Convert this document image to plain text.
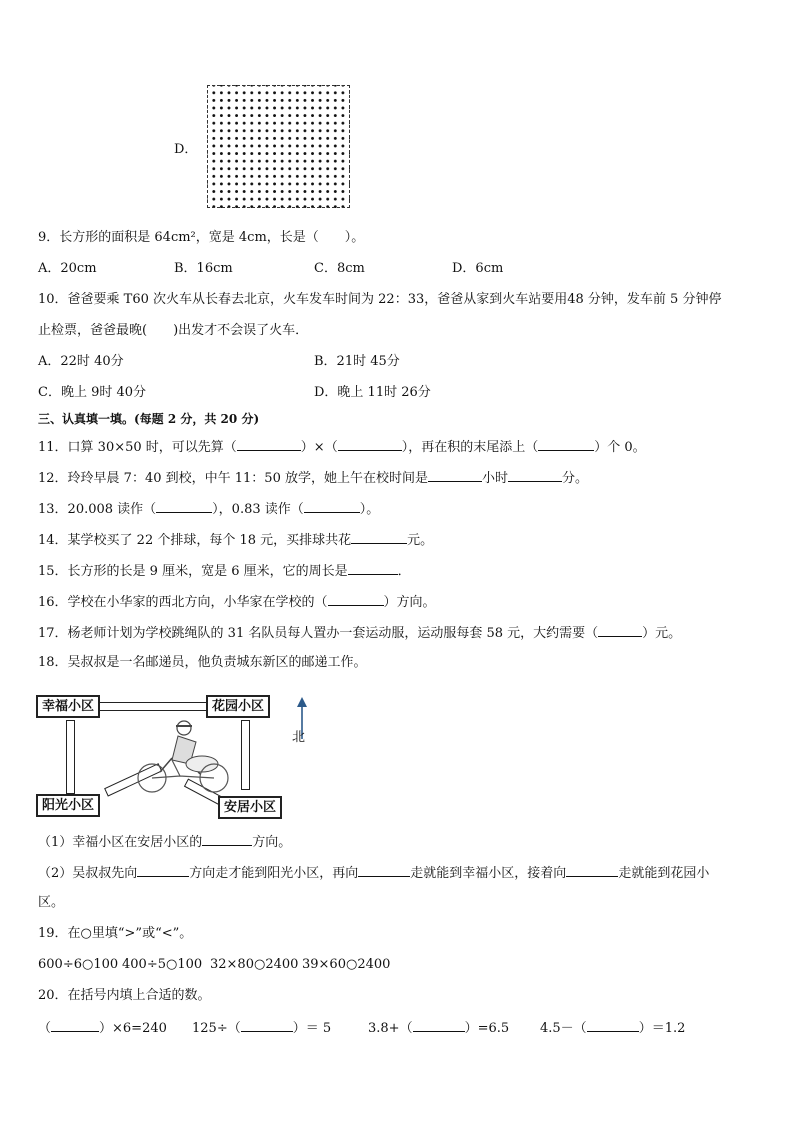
D．
9．长方形的面积是 64cm²，宽是 4cm，长是（　　）。
A．20cm	B．16cm	C．8cm	D．6cm
10．爸爸要乘 T60 次火车从长春去北京，火车发车时间为 22：33，爸爸从家到火车站要用48 分钟，发车前 5 分钟停
止检票，爸爸最晚(　　)出发才不会误了火车．
A．22时 40分	B．21时 45分
C．晚上 9时 40分	D．晚上 11时 26分
三、认真填一填。(每题 2 分，共 20 分)
11．口算 30×50 时，可以先算（	）×（	），再在积的末尾添上（	）个 0。
12．玲玲早晨 7：40 到校，中午 11：50 放学，她上午在校时间是	小时	分。
13．20.008 读作（	），0.83 读作（	）。
14．某学校买了 22 个排球，每个 18 元，买排球共花	元。
15．长方形的长是 9 厘米，宽是 6 厘米，它的周长是	．
16．学校在小华家的西北方向，小华家在学校的（	）方向。
17．杨老师计划为学校跳绳队的 31 名队员每人置办一套运动服，运动服每套 58 元，大约需要（	）元。
18．吴叔叔是一名邮递员，他负责城东新区的邮递工作。
幸福小区	花园小区
阳光小区	安居小区
北
（1）幸福小区在安居小区的	方向。
（2）吴叔叔先向	方向走才能到阳光小区，再向	走就能到幸福小区，接着向	走就能到花园小
区。
19．在○里填“>”或“<”。
600÷6○100 400÷5○100 32×80○2400 39×60○2400
20．在括号内填上合适的数。
（	）×6=240 125÷（	）＝ 5	3.8+（	）=6.5 4.5－（	）＝1.2
